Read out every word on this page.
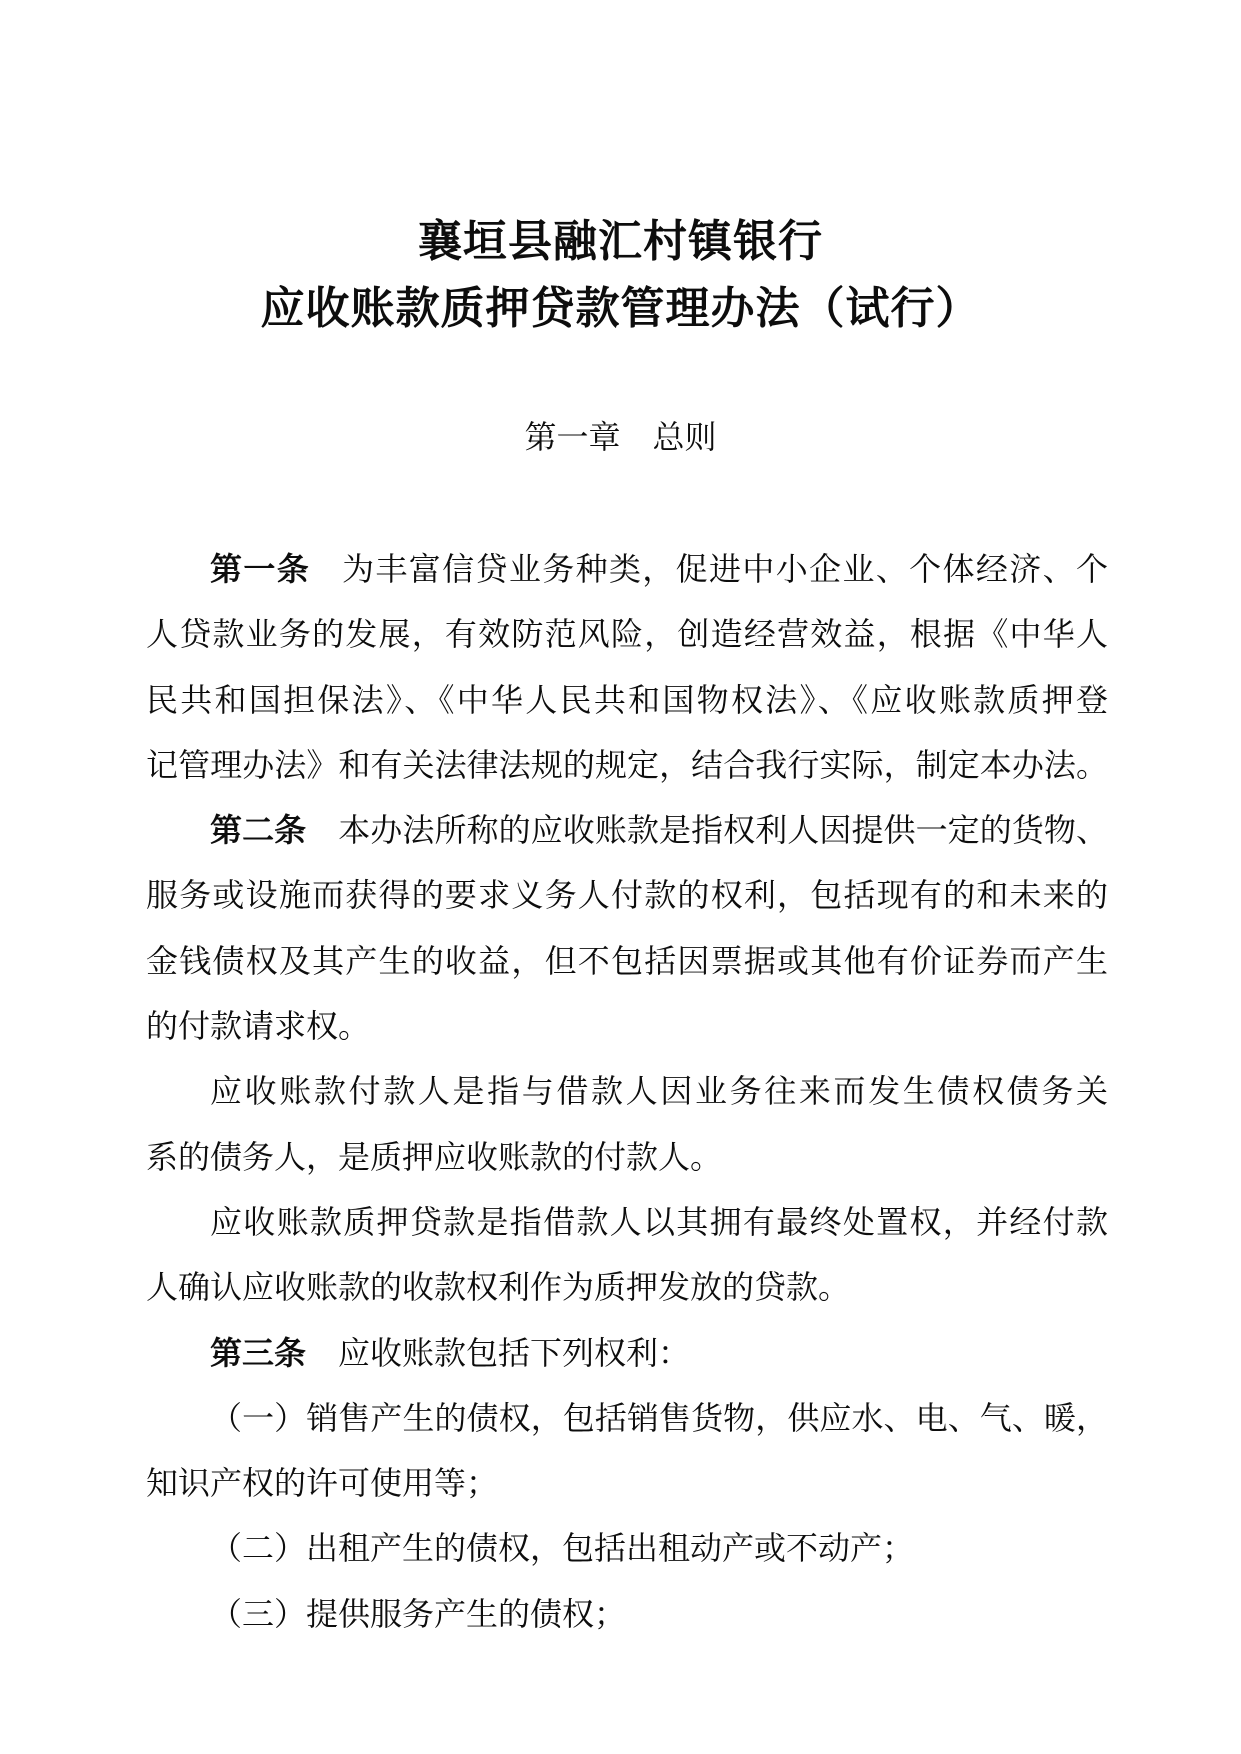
襄垣县融汇村镇银行
应收账款质押贷款管理办法（试行）
第一章　总则
第一条 为丰富信贷业务种类，促进中小企业、个体经济、个
人贷款业务的发展，有效防范风险，创造经营效益，根据《中华人
民共和国担保法》、《中华人民共和国物权法》、《应收账款质押登
记管理办法》和有关法律法规的规定，结合我行实际，制定本办法。
第二条 本办法所称的应收账款是指权利人因提供一定的货物、
服务或设施而获得的要求义务人付款的权利，包括现有的和未来的
金钱债权及其产生的收益，但不包括因票据或其他有价证券而产生
的付款请求权。
应收账款付款人是指与借款人因业务往来而发生债权债务关
系的债务人，是质押应收账款的付款人。
应收账款质押贷款是指借款人以其拥有最终处置权，并经付款
人确认应收账款的收款权利作为质押发放的贷款。
第三条 应收账款包括下列权利：
（一）销售产生的债权，包括销售货物，供应水、电、气、暖，
知识产权的许可使用等；
（二）出租产生的债权，包括出租动产或不动产；
（三）提供服务产生的债权；
